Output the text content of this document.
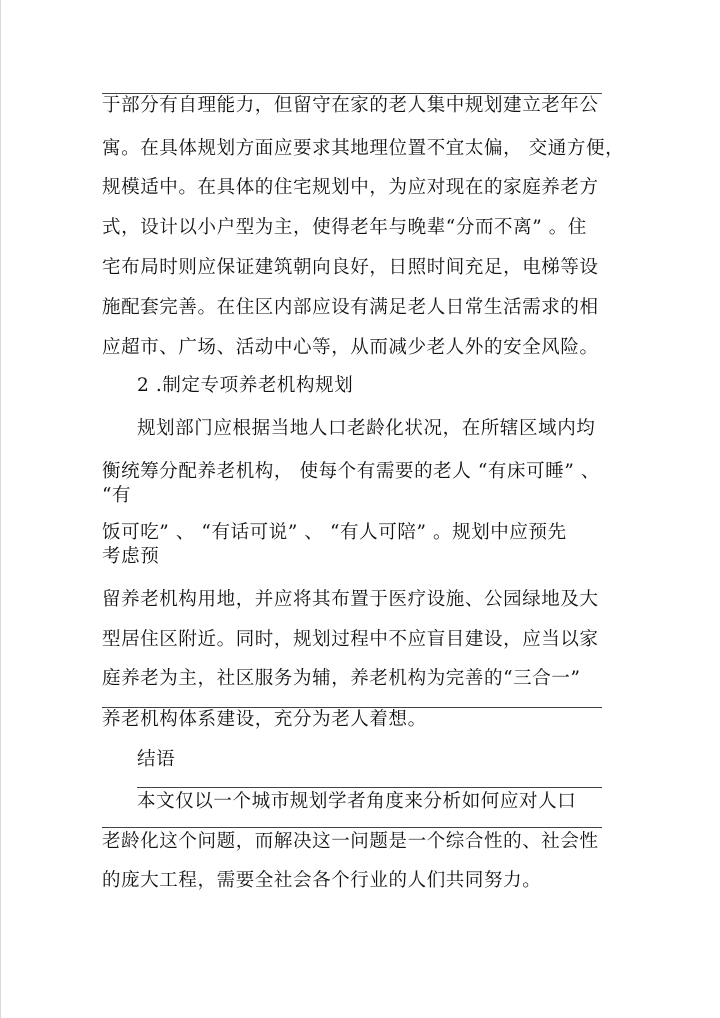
于部分有自理能力，但留守在家的老人集中规划建立老年公
寓。在具体规划方面应要求其地理位置不宜太偏， 交通方便，
规模适中。在具体的住宅规划中，为应对现在的家庭养老方
式，设计以小户型为主，使得老年与晚辈“分而不离” 。住
宅布局时则应保证建筑朝向良好，日照时间充足，电梯等设
施配套完善。在住区内部应设有满足老人日常生活需求的相
应超市、广场、活动中心等，从而减少老人外的安全风险。
2 .制定专项养老机构规划
规划部门应根据当地人口老龄化状况，在所辖区域内均
衡统筹分配养老机构， 使每个有需要的老人 “有床可睡” 、
“有
饭可吃” 、 “有话可说” 、 “有人可陪” 。规划中应预先
考虑预
留养老机构用地，并应将其布置于医疗设施、公园绿地及大
型居住区附近。同时，规划过程中不应盲目建设，应当以家
庭养老为主，社区服务为辅，养老机构为完善的“三合一”
养老机构体系建设，充分为老人着想。
结语
本文仅以一个城市规划学者角度来分析如何应对人口
老龄化这个问题，而解决这一问题是一个综合性的、社会性
的庞大工程，需要全社会各个行业的人们共同努力。
